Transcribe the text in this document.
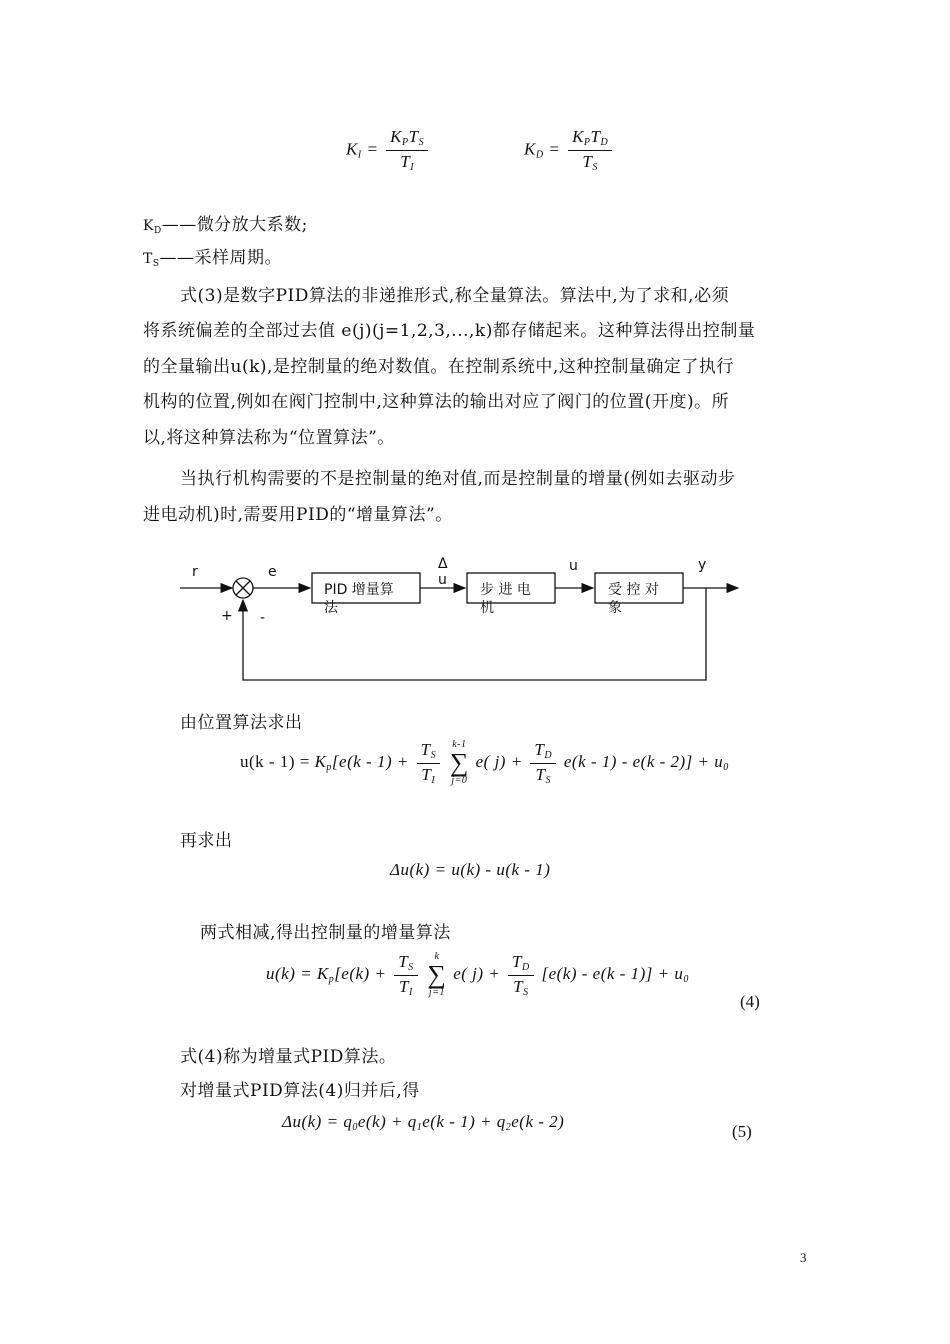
$K_I = \frac{K_PT_S}{T_I}$	$K_D = \frac{K_PT_D}{T_S}$
$K_D——$微分放大系数;
$T_S——$采样周期。
式(3)是数字PID算法的非递推形式,称全量算法。算法中,为了求和,必须
将系统偏差的全部过去值 e(j)(j=1,2,3,...,k)都存储起来。这种算法得出控制量
的全量输出u(k),是控制量的绝对数值。在控制系统中,这种控制量确定了执行
机构的位置,例如在阀门控制中,这种算法的输出对应了阀门的位置(开度)。所
以,将这种算法称为“位置算法”。
当执行机构需要的不是控制量的绝对值,而是控制量的增量(例如去驱动步
进电动机)时,需要用PID的“增量算法”。
r	e
+ -
Δ
u
u	y
PID 增量算
法
步 进 电
机
受 控 对
象
由位置算法求出
$u(k - 1) = K_p[e(k - 1) + \frac{T_S}{T_I}$
k-1
∑
j=0
e( $j) + \frac{T_D}{T_S} e(k - 1) - e(k - 2)] + u_0$
再求出
Δu(k) = u(k) - u(k - 1)
两式相减,得出控制量的增量算法
$u(k) = K_p[e(k) + \frac{T_S}{T_I}$
k
∑
j=1
e( $j) + \frac{T_D}{T_S} [e(k) - e(k - 1)] + u_0$
(4)
式(4)称为增量式PID算法。
对增量式PID算法(4)归并后,得
$\Delta u(k) = q_0e(k) + q_1e(k - 1) + q_2e(k - 2)$
(5)
3
